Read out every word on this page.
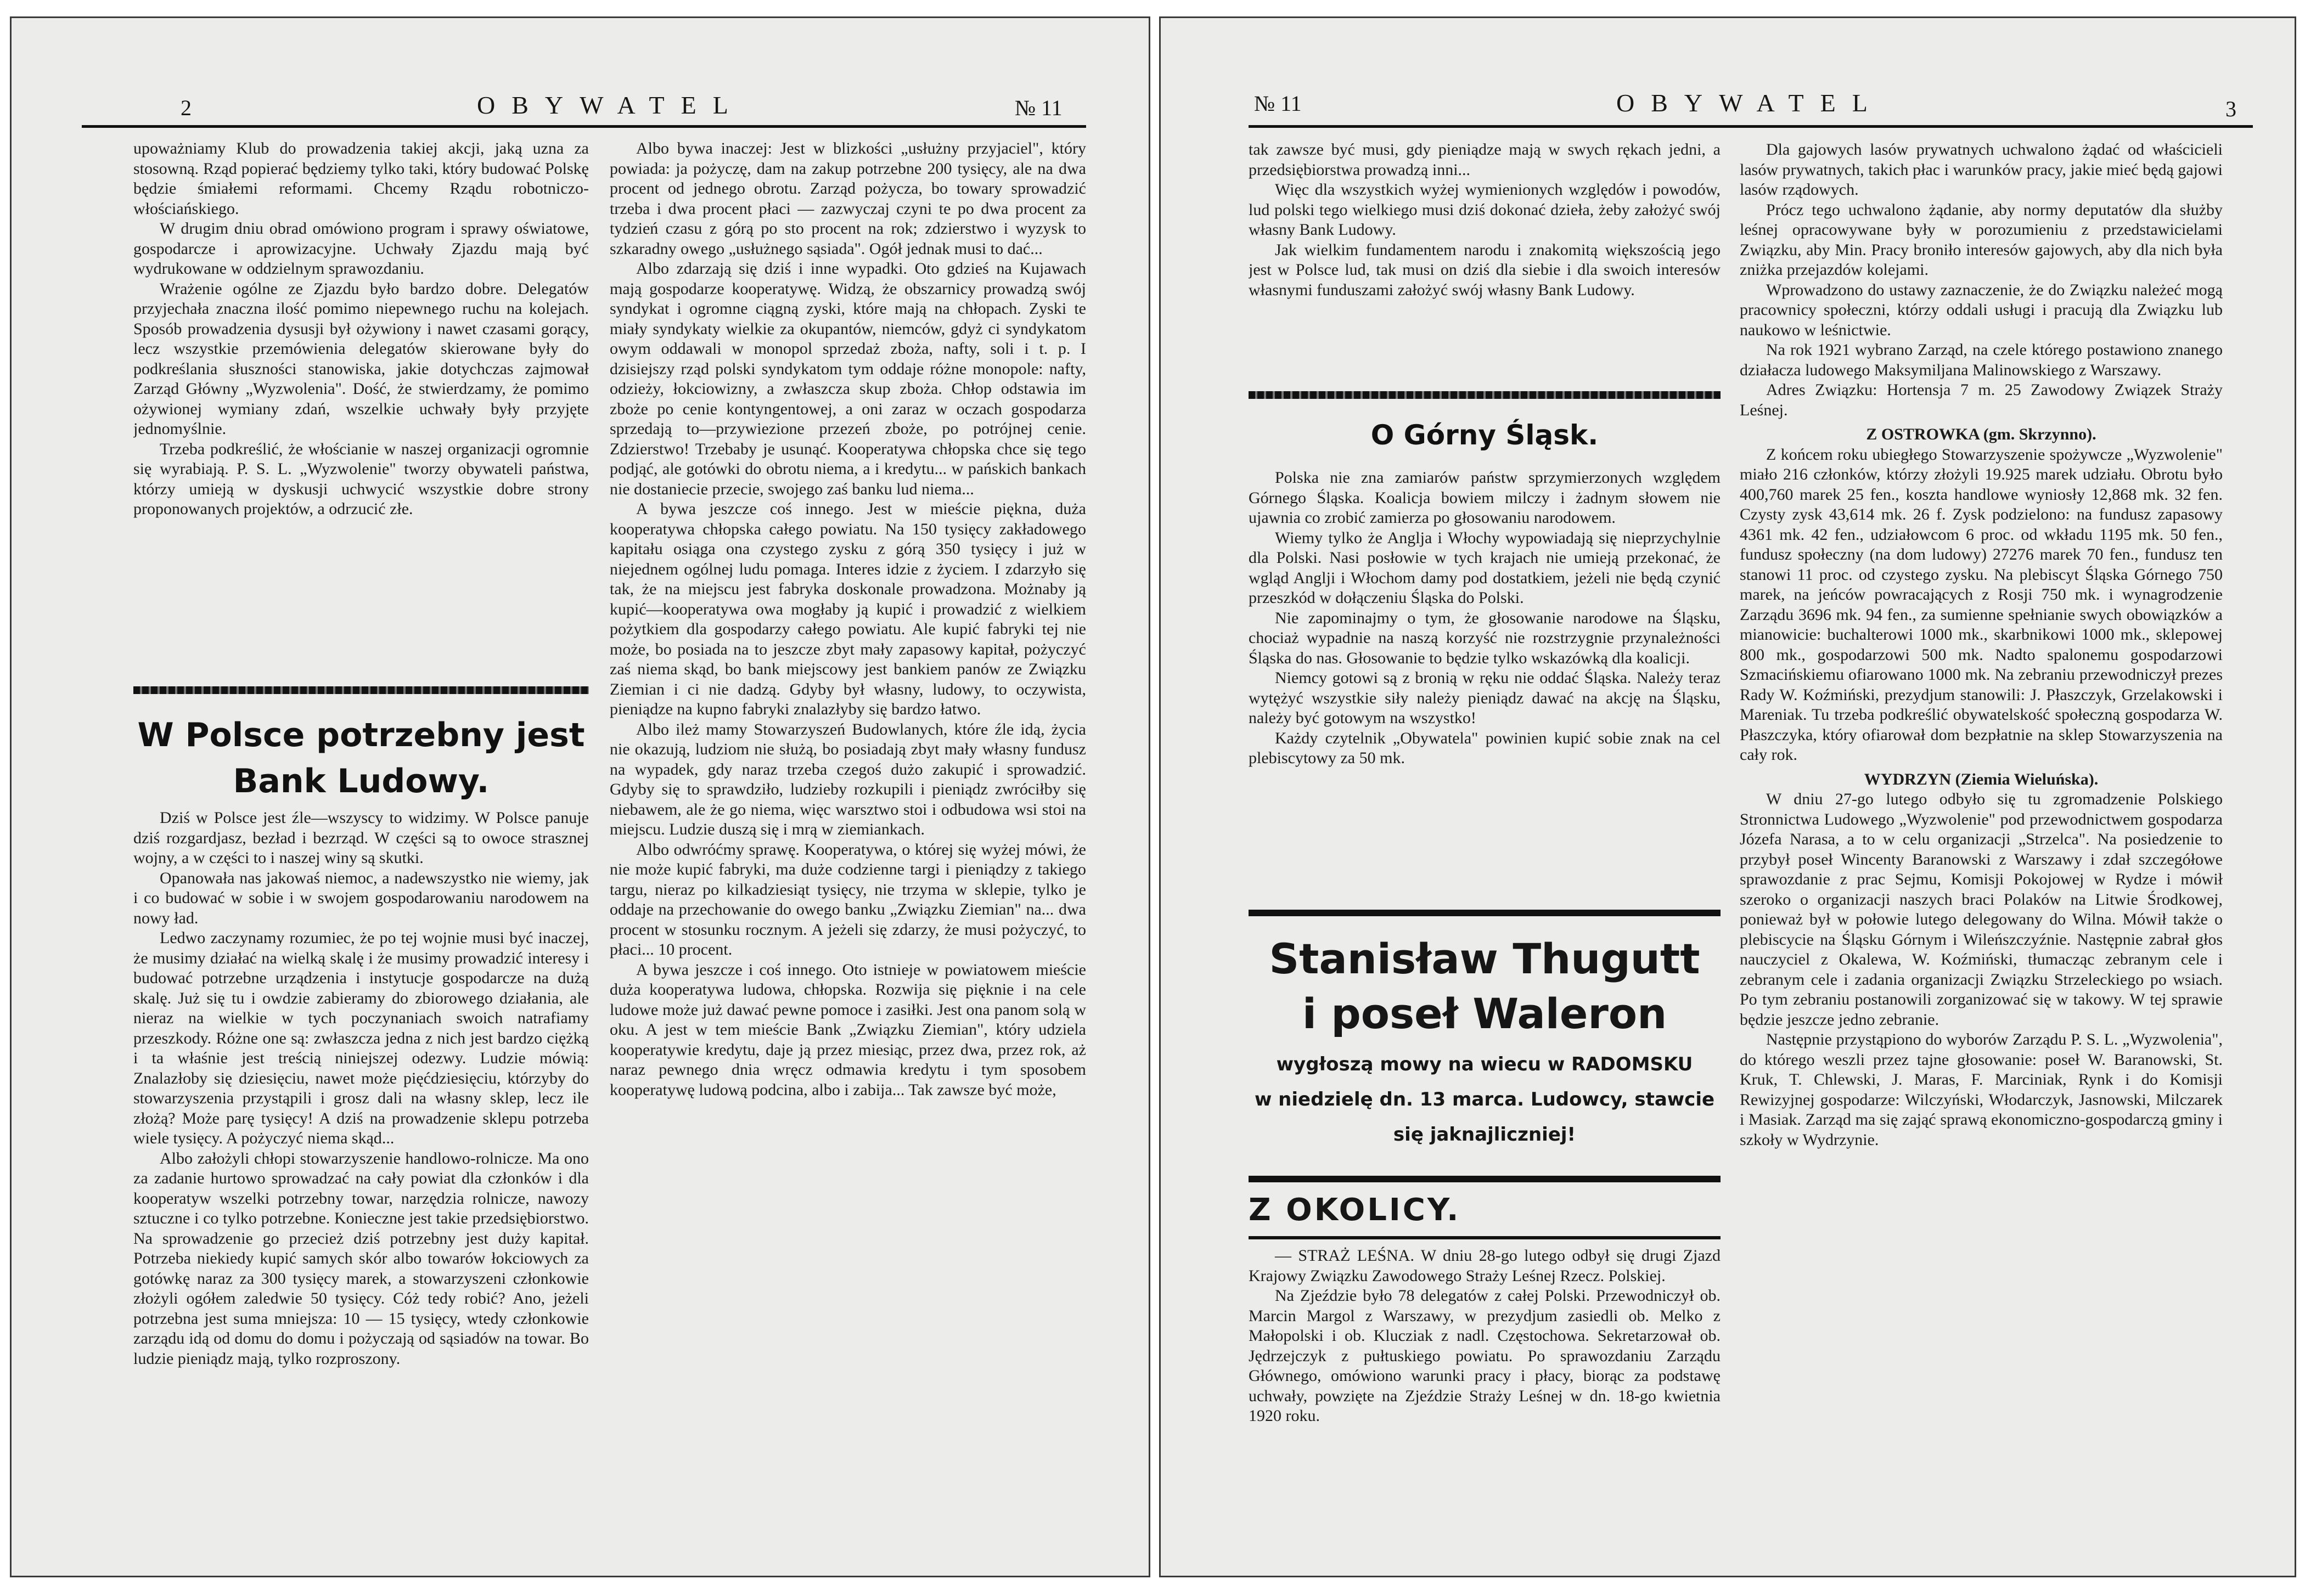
2	OBYWATEL	№ 11

upoważniamy Klub do prowadzenia takiej akcji, jaką uzna za stosowną. Rząd popierać będziemy tylko taki, który budować Polskę będzie śmiałemi reformami. Chcemy Rządu robotniczo-włościańskiego.

W drugim dniu obrad omówiono program i sprawy oświatowe, gospodarcze i aprowizacyjne. Uchwały Zjazdu mają być wydrukowane w oddzielnym sprawozdaniu.

Wrażenie ogólne ze Zjazdu było bardzo dobre. Delegatów przyjechała znaczna ilość pomimo niepewnego ruchu na kolejach. Sposób prowadzenia dysusji był ożywiony i nawet czasami gorący, lecz wszystkie przemówienia delegatów skierowane były do podkreślania słuszności stanowiska, jakie dotychczas zajmował Zarząd Główny „Wyzwolenia". Dość, że stwierdzamy, że pomimo ożywionej wymiany zdań, wszelkie uchwały były przyjęte jednomyślnie.

Trzeba podkreślić, że włościanie w naszej organizacji ogromnie się wyrabiają. P. S. L. „Wyzwolenie" tworzy obywateli państwa, którzy umieją w dyskusji uchwycić wszystkie dobre strony proponowanych projektów, a odrzucić złe.

W Polsce potrzebny jest
Bank Ludowy.

Dziś w Polsce jest źle—wszyscy to widzimy. W Polsce panuje dziś rozgardjasz, bezład i bezrząd. W części są to owoce strasznej wojny, a w części to i naszej winy są skutki.

Opanowała nas jakowaś niemoc, a nadewszystko nie wiemy, jak i co budować w sobie i w swojem gospodarowaniu narodowem na nowy ład.

Ledwo zaczynamy rozumiec, że po tej wojnie musi być inaczej, że musimy działać na wielką skalę i że musimy prowadzić interesy i budować potrzebne urządzenia i instytucje gospodarcze na dużą skalę. Już się tu i owdzie zabieramy do zbiorowego działania, ale nieraz na wielkie w tych poczynaniach swoich natrafiamy przeszkody. Różne one są: zwłaszcza jedna z nich jest bardzo ciężką i ta właśnie jest treścią niniejszej odezwy. Ludzie mówią: Znalazłoby się dziesięciu, nawet może pięćdziesięciu, którzyby do stowarzyszenia przystąpili i grosz dali na własny sklep, lecz ile złożą? Może parę tysięcy! A dziś na prowadzenie sklepu potrzeba wiele tysięcy. A pożyczyć niema skąd...

Albo założyli chłopi stowarzyszenie handlowo-rolnicze. Ma ono za zadanie hurtowo sprowadzać na cały powiat dla członków i dla kooperatyw wszelki potrzebny towar, narzędzia rolnicze, nawozy sztuczne i co tylko potrzebne. Konieczne jest takie przedsiębiorstwo. Na sprowadzenie go przecież dziś potrzebny jest duży kapitał. Potrzeba niekiedy kupić samych skór albo towarów łokciowych za gotówkę naraz za 300 tysięcy marek, a stowarzyszeni członkowie złożyli ogółem zaledwie 50 tysięcy. Cóż tedy robić? Ano, jeżeli potrzebna jest suma mniejsza: 10 — 15 tysięcy, wtedy członkowie zarządu idą od domu do domu i pożyczają od sąsiadów na towar. Bo ludzie pieniądz mają, tylko rozproszony.

Albo bywa inaczej: Jest w blizkości „usłużny przyjaciel", który powiada: ja pożyczę, dam na zakup potrzebne 200 tysięcy, ale na dwa procent od jednego obrotu. Zarząd pożycza, bo towary sprowadzić trzeba i dwa procent płaci — zazwyczaj czyni te po dwa procent za tydzień czasu z górą po sto procent na rok; zdzierstwo i wyzysk to szkaradny owego „usłużnego sąsiada". Ogół jednak musi to dać...

Albo zdarzają się dziś i inne wypadki. Oto gdzieś na Kujawach mają gospodarze kooperatywę. Widzą, że obszarnicy prowadzą swój syndykat i ogromne ciągną zyski, które mają na chłopach. Zyski te miały syndykaty wielkie za okupantów, niemców, gdyż ci syndykatom owym oddawali w monopol sprzedaż zboża, nafty, soli i t. p. I dzisiejszy rząd polski syndykatom tym oddaje różne monopole: nafty, odzieży, łokciowizny, a zwłaszcza skup zboża. Chłop odstawia im zboże po cenie kontyngentowej, a oni zaraz w oczach gospodarza sprzedają to—przywiezione przezeń zboże, po potrójnej cenie. Zdzierstwo! Trzebaby je usunąć. Kooperatywa chłopska chce się tego podjąć, ale gotówki do obrotu niema, a i kredytu... w pańskich bankach nie dostaniecie przecie, swojego zaś banku lud niema...

A bywa jeszcze coś innego. Jest w mieście piękna, duża kooperatywa chłopska całego powiatu. Na 150 tysięcy zakładowego kapitału osiąga ona czystego zysku z górą 350 tysięcy i już w niejednem ogólnej ludu pomaga. Interes idzie z życiem. I zdarzyło się tak, że na miejscu jest fabryka doskonale prowadzona. Możnaby ją kupić—kooperatywa owa mogłaby ją kupić i prowadzić z wielkiem pożytkiem dla gospodarzy całego powiatu. Ale kupić fabryki tej nie może, bo posiada na to jeszcze zbyt mały zapasowy kapitał, pożyczyć zaś niema skąd, bo bank miejscowy jest bankiem panów ze Związku Ziemian i ci nie dadzą. Gdyby był własny, ludowy, to oczywista, pieniądze na kupno fabryki znalazłyby się bardzo łatwo.

Albo ileż mamy Stowarzyszeń Budowlanych, które źle idą, życia nie okazują, ludziom nie służą, bo posiadają zbyt mały własny fundusz na wypadek, gdy naraz trzeba czegoś dużo zakupić i sprowadzić. Gdyby się to sprawdziło, ludzieby rozkupili i pieniądz zwróciłby się niebawem, ale że go niema, więc warsztwo stoi i odbudowa wsi stoi na miejscu. Ludzie duszą się i mrą w ziemiankach.

Albo odwróćmy sprawę. Kooperatywa, o której się wyżej mówi, że nie może kupić fabryki, ma duże codzienne targi i pieniądzy z takiego targu, nieraz po kilkadziesiąt tysięcy, nie trzyma w sklepie, tylko je oddaje na przechowanie do owego banku „Związku Ziemian" na... dwa procent w stosunku rocznym. A jeżeli się zdarzy, że musi pożyczyć, to płaci... 10 procent.

A bywa jeszcze i coś innego. Oto istnieje w powiatowem mieście duża kooperatywa ludowa, chłopska. Rozwija się pięknie i na cele ludowe może już dawać pewne pomoce i zasiłki. Jest ona panom solą w oku. A jest w tem mieście Bank „Związku Ziemian", który udziela kooperatywie kredytu, daje ją przez miesiąc, przez dwa, przez rok, aż naraz pewnego dnia wręcz odmawia kredytu i tym sposobem kooperatywę ludową podcina, albo i zabija... Tak zawsze być może,

№ 11	OBYWATEL	3

tak zawsze być musi, gdy pieniądze mają w swych rękach jedni, a przedsiębiorstwa prowadzą inni...

Więc dla wszystkich wyżej wymienionych względów i powodów, lud polski tego wielkiego musi dziś dokonać dzieła, żeby założyć swój własny Bank Ludowy.

Jak wielkim fundamentem narodu i znakomitą większością jego jest w Polsce lud, tak musi on dziś dla siebie i dla swoich interesów własnymi funduszami założyć swój własny Bank Ludowy.

O Górny Śląsk.

Polska nie zna zamiarów państw sprzymierzonych względem Górnego Śląska. Koalicja bowiem milczy i żadnym słowem nie ujawnia co zrobić zamierza po głosowaniu narodowem.

Wiemy tylko że Anglja i Włochy wypowiadają się nieprzychylnie dla Polski. Nasi posłowie w tych krajach nie umieją przekonać, że wgląd Anglji i Włochom damy pod dostatkiem, jeżeli nie będą czynić przeszkód w dołączeniu Śląska do Polski.

Nie zapominajmy o tym, że głosowanie narodowe na Śląsku, chociaż wypadnie na naszą korzyść nie rozstrzygnie przynależności Śląska do nas. Głosowanie to będzie tylko wskazówką dla koalicji.

Niemcy gotowi są z bronią w ręku nie oddać Śląska. Należy teraz wytężyć wszystkie siły należy pieniądz dawać na akcję na Śląsku, należy być gotowym na wszystko!

Każdy czytelnik „Obywatela" powinien kupić sobie znak na cel plebiscytowy za 50 mk.

Stanisław Thugutt
i poseł Waleron
wygłoszą mowy na wiecu w RADOMSKU
w niedzielę dn. 13 marca. Ludowcy, stawcie
się jaknajliczniej!
Z OKOLICY.

— STRAŻ LEŚNA. W dniu 28-go lutego odbył się drugi Zjazd Krajowy Związku Zawodowego Straży Leśnej Rzecz. Polskiej.

Na Zjeździe było 78 delegatów z całej Polski. Przewodniczył ob. Marcin Margol z Warszawy, w prezydjum zasiedli ob. Melko z Małopolski i ob. Klucziak z nadl. Częstochowa. Sekretarzował ob. Jędrzejczyk z pułtuskiego powiatu. Po sprawozdaniu Zarządu Głównego, omówiono warunki pracy i płacy, biorąc za podstawę uchwały, powzięte na Zjeździe Straży Leśnej w dn. 18-go kwietnia 1920 roku.

Dla gajowych lasów prywatnych uchwalono żądać od właścicieli lasów prywatnych, takich płac i warunków pracy, jakie mieć będą gajowi lasów rządowych.

Prócz tego uchwalono żądanie, aby normy deputatów dla służby leśnej opracowywane były w porozumieniu z przedstawicielami Związku, aby Min. Pracy broniło interesów gajowych, aby dla nich była zniżka przejazdów kolejami.

Wprowadzono do ustawy zaznaczenie, że do Związku należeć mogą pracownicy społeczni, którzy oddali usługi i pracują dla Związku lub naukowo w leśnictwie.

Na rok 1921 wybrano Zarząd, na czele którego postawiono znanego działacza ludowego Maksymiljana Malinowskiego z Warszawy.

Adres Związku: Hortensja 7 m. 25 Zawodowy Związek Straży Leśnej.

Z OSTROWKA (gm. Skrzynno).

Z końcem roku ubiegłego Stowarzyszenie spożywcze „Wyzwolenie" miało 216 członków, którzy złożyli 19.925 marek udziału. Obrotu było 400,760 marek 25 fen., koszta handlowe wyniosły 12,868 mk. 32 fen. Czysty zysk 43,614 mk. 26 f. Zysk podzielono: na fundusz zapasowy 4361 mk. 42 fen., udziałowcom 6 proc. od wkładu 1195 mk. 50 fen., fundusz społeczny (na dom ludowy) 27276 marek 70 fen., fundusz ten stanowi 11 proc. od czystego zysku. Na plebiscyt Śląska Górnego 750 marek, na jeńców powracających z Rosji 750 mk. i wynagrodzenie Zarządu 3696 mk. 94 fen., za sumienne spełnianie swych obowiązków a mianowicie: buchalterowi 1000 mk., skarbnikowi 1000 mk., sklepowej 800 mk., gospodarzowi 500 mk. Nadto spalonemu gospodarzowi Szmacińskiemu ofiarowano 1000 mk. Na zebraniu przewodniczył prezes Rady W. Koźmiński, prezydjum stanowili: J. Płaszczyk, Grzelakowski i Mareniak. Tu trzeba podkreślić obywatelskość społeczną gospodarza W. Płaszczyka, który ofiarował dom bezpłatnie na sklep Stowarzyszenia na cały rok.

WYDRZYN (Ziemia Wieluńska).

W dniu 27-go lutego odbyło się tu zgromadzenie Polskiego Stronnictwa Ludowego „Wyzwolenie" pod przewodnictwem gospodarza Józefa Narasa, a to w celu organizacji „Strzelca". Na posiedzenie to przybył poseł Wincenty Baranowski z Warszawy i zdał szczegółowe sprawozdanie z prac Sejmu, Komisji Pokojowej w Rydze i mówił szeroko o organizacji naszych braci Polaków na Litwie Środkowej, ponieważ był w połowie lutego delegowany do Wilna. Mówił także o plebiscycie na Śląsku Górnym i Wileńszczyźnie. Następnie zabrał głos nauczyciel z Okalewa, W. Koźmiński, tłumacząc zebranym cele i zebranym cele i zadania organizacji Związku Strzeleckiego po wsiach. Po tym zebraniu postanowili zorganizować się w takowy. W tej sprawie będzie jeszcze jedno zebranie.

Następnie przystąpiono do wyborów Zarządu P. S. L. „Wyzwolenia", do którego weszli przez tajne głosowanie: poseł W. Baranowski, St. Kruk, T. Chlewski, J. Maras, F. Marciniak, Rynk i do Komisji Rewizyjnej gospodarze: Wilczyński, Włodarczyk, Jasnowski, Milczarek i Masiak. Zarząd ma się zająć sprawą ekonomiczno-gospodarczą gminy i szkoły w Wydrzynie.
